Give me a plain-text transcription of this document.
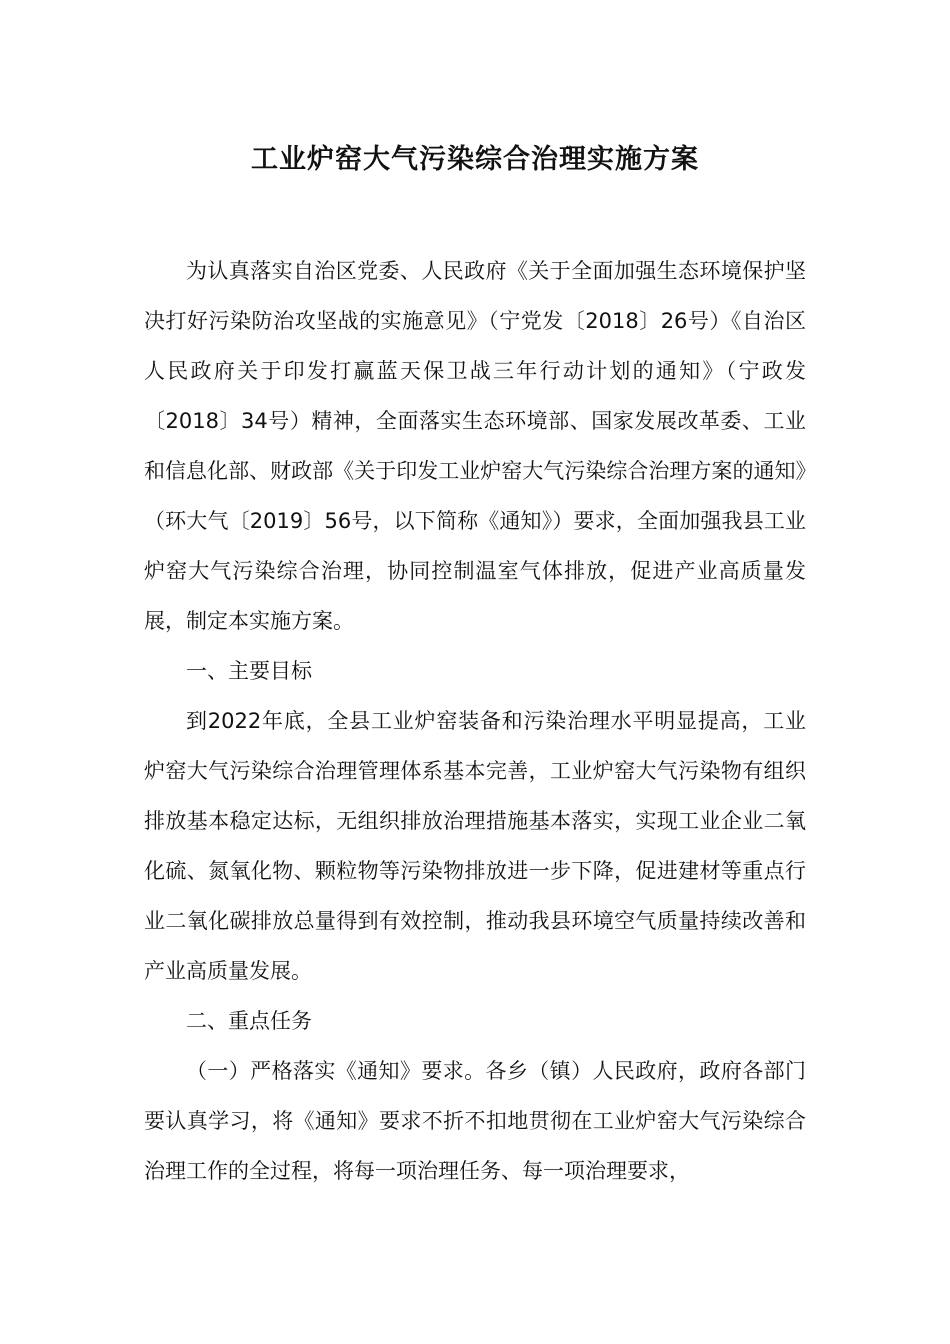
工业炉窑大气污染综合治理实施方案

为认真落实自治区党委、人民政府《关于全面加强生态环境保护坚决打好污染防治攻坚战的实施意见》（宁党发〔2018〕26号）《自治区人民政府关于印发打赢蓝天保卫战三年行动计划的通知》（宁政发〔2018〕34号）精神，全面落实生态环境部、国家发展改革委、工业和信息化部、财政部《关于印发工业炉窑大气污染综合治理方案的通知》（环大气〔2019〕56号，以下简称《通知》）要求，全面加强我县工业炉窑大气污染综合治理，协同控制温室气体排放，促进产业高质量发展，制定本实施方案。

一、主要目标

到2022年底，全县工业炉窑装备和污染治理水平明显提高，工业炉窑大气污染综合治理管理体系基本完善，工业炉窑大气污染物有组织排放基本稳定达标，无组织排放治理措施基本落实，实现工业企业二氧化硫、氮氧化物、颗粒物等污染物排放进一步下降，促进建材等重点行业二氧化碳排放总量得到有效控制，推动我县环境空气质量持续改善和产业高质量发展。

二、重点任务

（一）严格落实《通知》要求。各乡（镇）人民政府，政府各部门要认真学习，将《通知》要求不折不扣地贯彻在工业炉窑大气污染综合治理工作的全过程，将每一项治理任务、每一项治理要求，
